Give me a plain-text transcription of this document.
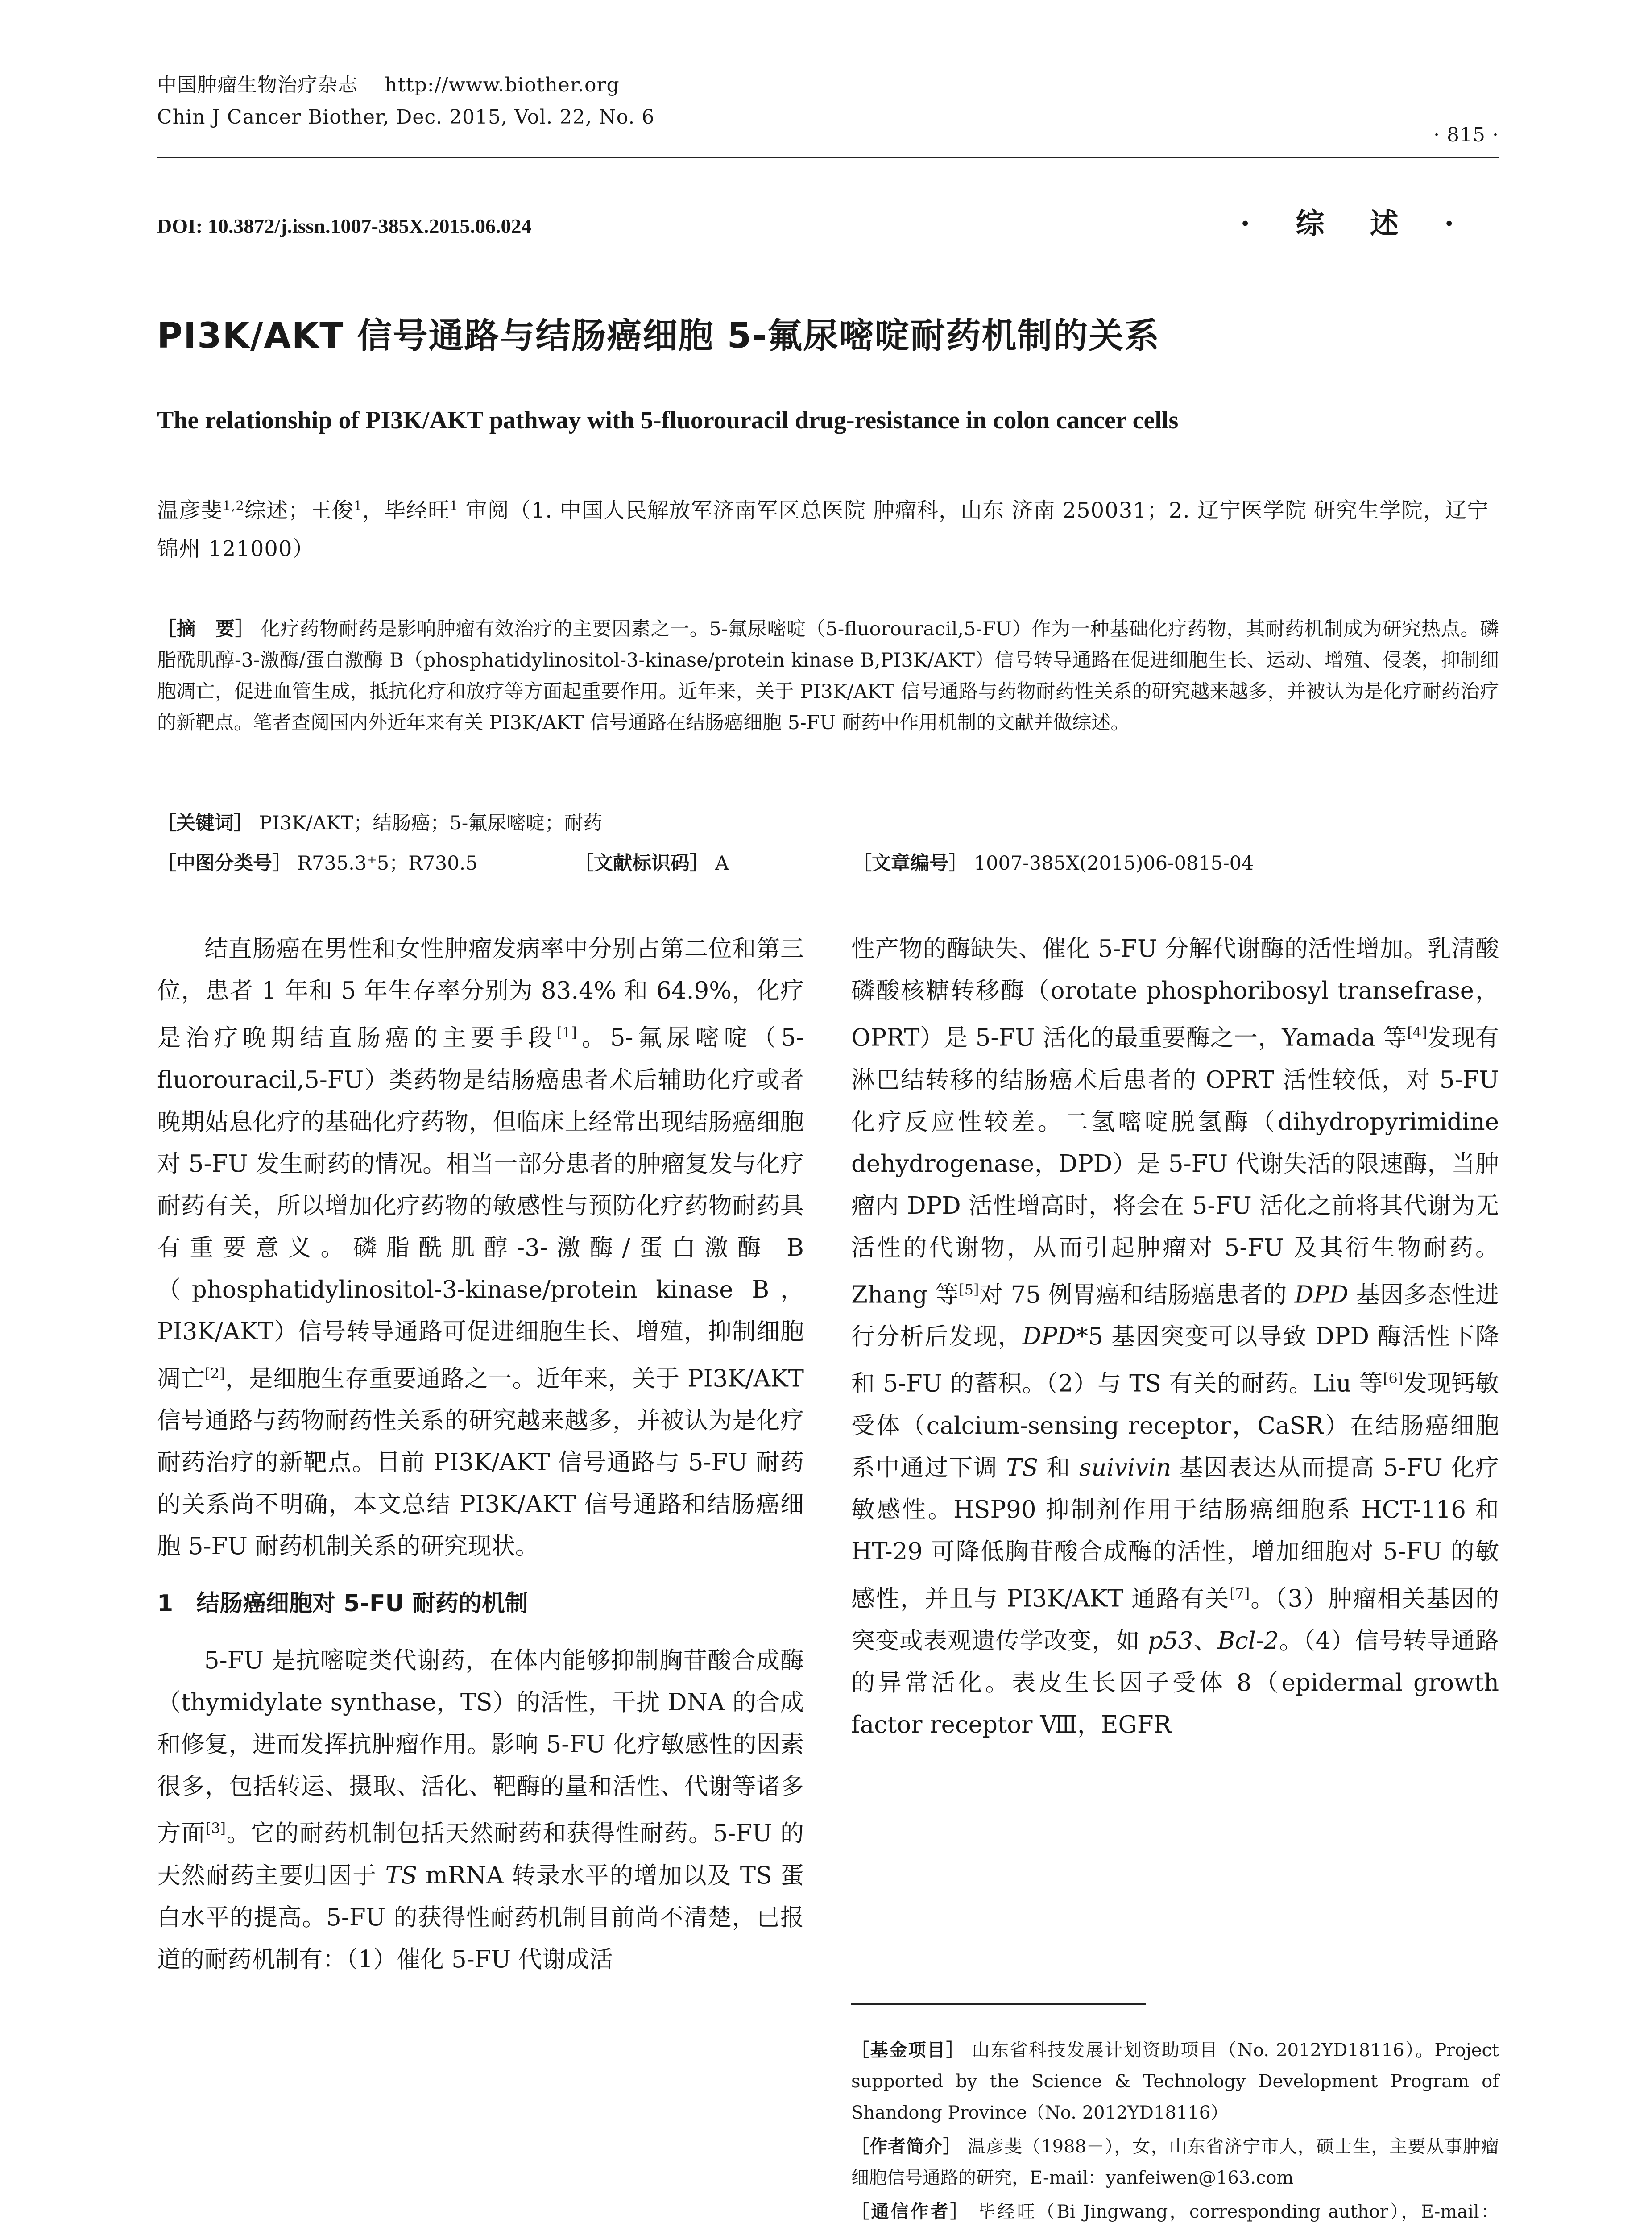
中国肿瘤生物治疗杂志 http://www.biother.org
Chin J Cancer Biother, Dec. 2015, Vol. 22, No. 6
· 815 ·
DOI: 10.3872/j.issn.1007-385X.2015.06.024	· 综 述 ·
PI3K/AKT 信号通路与结肠癌细胞 5-氟尿嘧啶耐药机制的关系
The relationship of PI3K/AKT pathway with 5-fluorouracil drug-resistance in colon cancer cells
温彦斐$^{1,2}$综述；王俊$^1$，毕经旺$^1$ 审阅（1. 中国人民解放军济南军区总医院 肿瘤科，山东 济南 250031；2. 辽宁医学院 研究生学院，辽宁 锦州 121000）
［摘　要］ 化疗药物耐药是影响肿瘤有效治疗的主要因素之一。5-氟尿嘧啶（5-fluorouracil,5-FU）作为一种基础化疗药物，其耐药机制成为研究热点。磷脂酰肌醇-3-激酶/蛋白激酶 B（phosphatidylinositol-3-kinase/protein kinase B,PI3K/AKT）信号转导通路在促进细胞生长、运动、增殖、侵袭，抑制细胞凋亡，促进血管生成，抵抗化疗和放疗等方面起重要作用。近年来，关于 PI3K/AKT 信号通路与药物耐药性关系的研究越来越多，并被认为是化疗耐药治疗的新靶点。笔者查阅国内外近年来有关 PI3K/AKT 信号通路在结肠癌细胞 5-FU 耐药中作用机制的文献并做综述。
［关键词］ PI3K/AKT；结肠癌；5-氟尿嘧啶；耐药
［中图分类号］ R735.3⁺5；R730.5	［文献标识码］ A	［文章编号］ 1007-385X(2015)06-0815-04

结直肠癌在男性和女性肿瘤发病率中分别占第二位和第三位，患者 1 年和 5 年生存率分别为 83.4% 和 64.9%，化疗是治疗晚期结直肠癌的主要手段[1]。5-氟尿嘧啶（5-fluorouracil,5-FU）类药物是结肠癌患者术后辅助化疗或者晚期姑息化疗的基础化疗药物，但临床上经常出现结肠癌细胞对 5-FU 发生耐药的情况。相当一部分患者的肿瘤复发与化疗耐药有关，所以增加化疗药物的敏感性与预防化疗药物耐药具有重要意义。磷脂酰肌醇-3-激酶/蛋白激酶 B（phosphatidylinositol-3-kinase/protein kinase B，PI3K/AKT）信号转导通路可促进细胞生长、增殖，抑制细胞凋亡[2]，是细胞生存重要通路之一。近年来，关于 PI3K/AKT 信号通路与药物耐药性关系的研究越来越多，并被认为是化疗耐药治疗的新靶点。目前 PI3K/AKT 信号通路与 5-FU 耐药的关系尚不明确，本文总结 PI3K/AKT 信号通路和结肠癌细胞 5-FU 耐药机制关系的研究现状。

1　结肠癌细胞对 5-FU 耐药的机制

5-FU 是抗嘧啶类代谢药，在体内能够抑制胸苷酸合成酶（thymidylate synthase，TS）的活性，干扰 DNA 的合成和修复，进而发挥抗肿瘤作用。影响 5-FU 化疗敏感性的因素很多，包括转运、摄取、活化、靶酶的量和活性、代谢等诸多方面[3]。它的耐药机制包括天然耐药和获得性耐药。5-FU 的天然耐药主要归因于 TS mRNA 转录水平的增加以及 TS 蛋白水平的提高。5-FU 的获得性耐药机制目前尚不清楚，已报道的耐药机制有：（1）催化 5-FU 代谢成活

性产物的酶缺失、催化 5-FU 分解代谢酶的活性增加。乳清酸磷酸核糖转移酶（orotate phosphoribosyl transefrase，OPRT）是 5-FU 活化的最重要酶之一，Yamada 等[4]发现有淋巴结转移的结肠癌术后患者的 OPRT 活性较低，对 5-FU 化疗反应性较差。二氢嘧啶脱氢酶（dihydropyrimidine dehydrogenase，DPD）是 5-FU 代谢失活的限速酶，当肿瘤内 DPD 活性增高时，将会在 5-FU 活化之前将其代谢为无活性的代谢物，从而引起肿瘤对 5-FU 及其衍生物耐药。Zhang 等[5]对 75 例胃癌和结肠癌患者的 DPD 基因多态性进行分析后发现，DPD*5 基因突变可以导致 DPD 酶活性下降和 5-FU 的蓄积。（2）与 TS 有关的耐药。Liu 等[6]发现钙敏受体（calcium-sensing receptor，CaSR）在结肠癌细胞系中通过下调 TS 和 suivivin 基因表达从而提高 5-FU 化疗敏感性。HSP90 抑制剂作用于结肠癌细胞系 HCT-116 和 HT-29 可降低胸苷酸合成酶的活性，增加细胞对 5-FU 的敏感性，并且与 PI3K/AKT 通路有关[7]。（3）肿瘤相关基因的突变或表观遗传学改变，如 p53、Bcl-2。（4）信号转导通路的异常活化。表皮生长因子受体 8（epidermal growth factor receptor Ⅷ，EGFR

［基金项目］ 山东省科技发展计划资助项目（No. 2012YD18116）。Project supported by the Science & Technology Development Program of Shandong Province（No. 2012YD18116）

［作者简介］ 温彦斐（1988－），女，山东省济宁市人，硕士生，主要从事肿瘤细胞信号通路的研究，E-mail：yanfeiwen@163.com

［通信作者］ 毕经旺（Bi Jingwang，corresponding author），E-mail：
